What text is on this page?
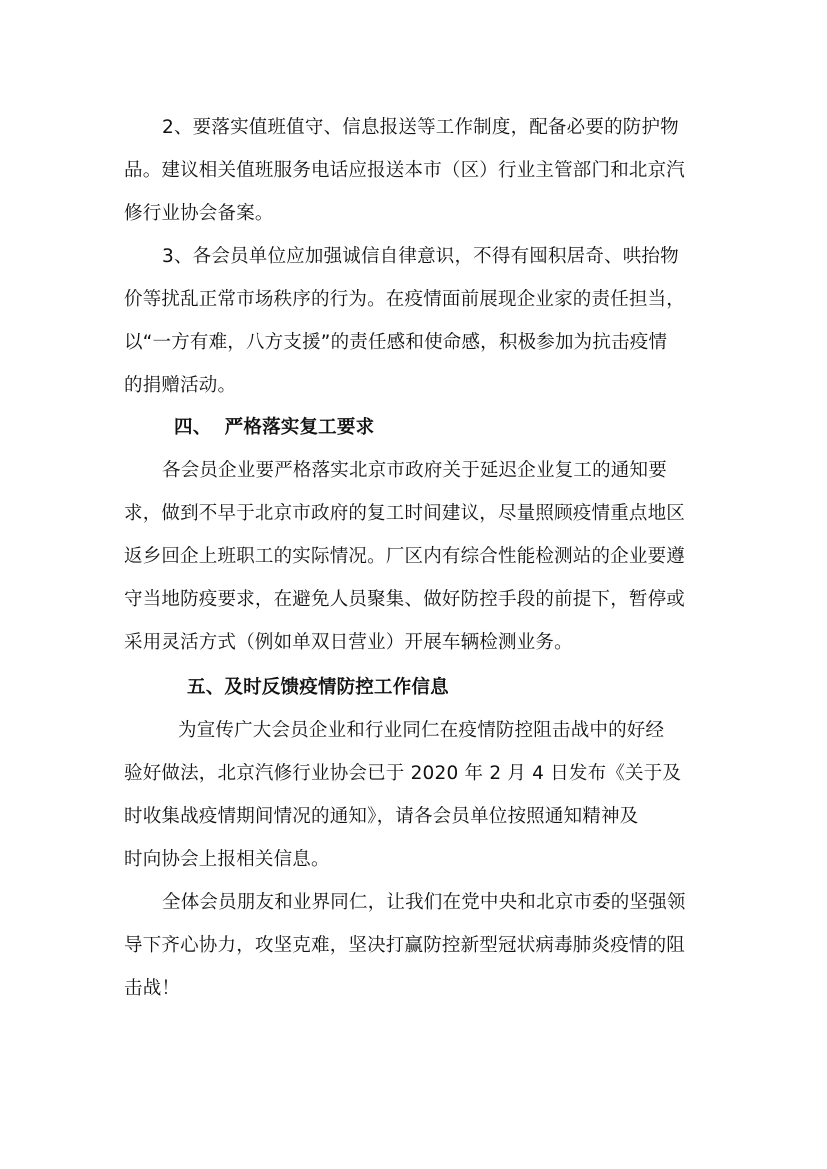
2、要落实值班值守、信息报送等工作制度，配备必要的防护物
品。建议相关值班服务电话应报送本市（区）行业主管部门和北京汽
修行业协会备案。
3、各会员单位应加强诚信自律意识，不得有囤积居奇、哄抬物
价等扰乱正常市场秩序的行为。在疫情面前展现企业家的责任担当，
以“一方有难，八方支援”的责任感和使命感，积极参加为抗击疫情
的捐赠活动。
四、  严格落实复工要求
各会员企业要严格落实北京市政府关于延迟企业复工的通知要
求，做到不早于北京市政府的复工时间建议，尽量照顾疫情重点地区
返乡回企上班职工的实际情况。厂区内有综合性能检测站的企业要遵
守当地防疫要求，在避免人员聚集、做好防控手段的前提下，暂停或
采用灵活方式（例如单双日营业）开展车辆检测业务。
五、及时反馈疫情防控工作信息
为宣传广大会员企业和行业同仁在疫情防控阻击战中的好经
验好做法，北京汽修行业协会已于 2020 年 2 月 4 日发布《关于及
时收集战疫情期间情况的通知》，请各会员单位按照通知精神及
时向协会上报相关信息。
全体会员朋友和业界同仁，让我们在党中央和北京市委的坚强领
导下齐心协力，攻坚克难，坚决打赢防控新型冠状病毒肺炎疫情的阻
击战！
